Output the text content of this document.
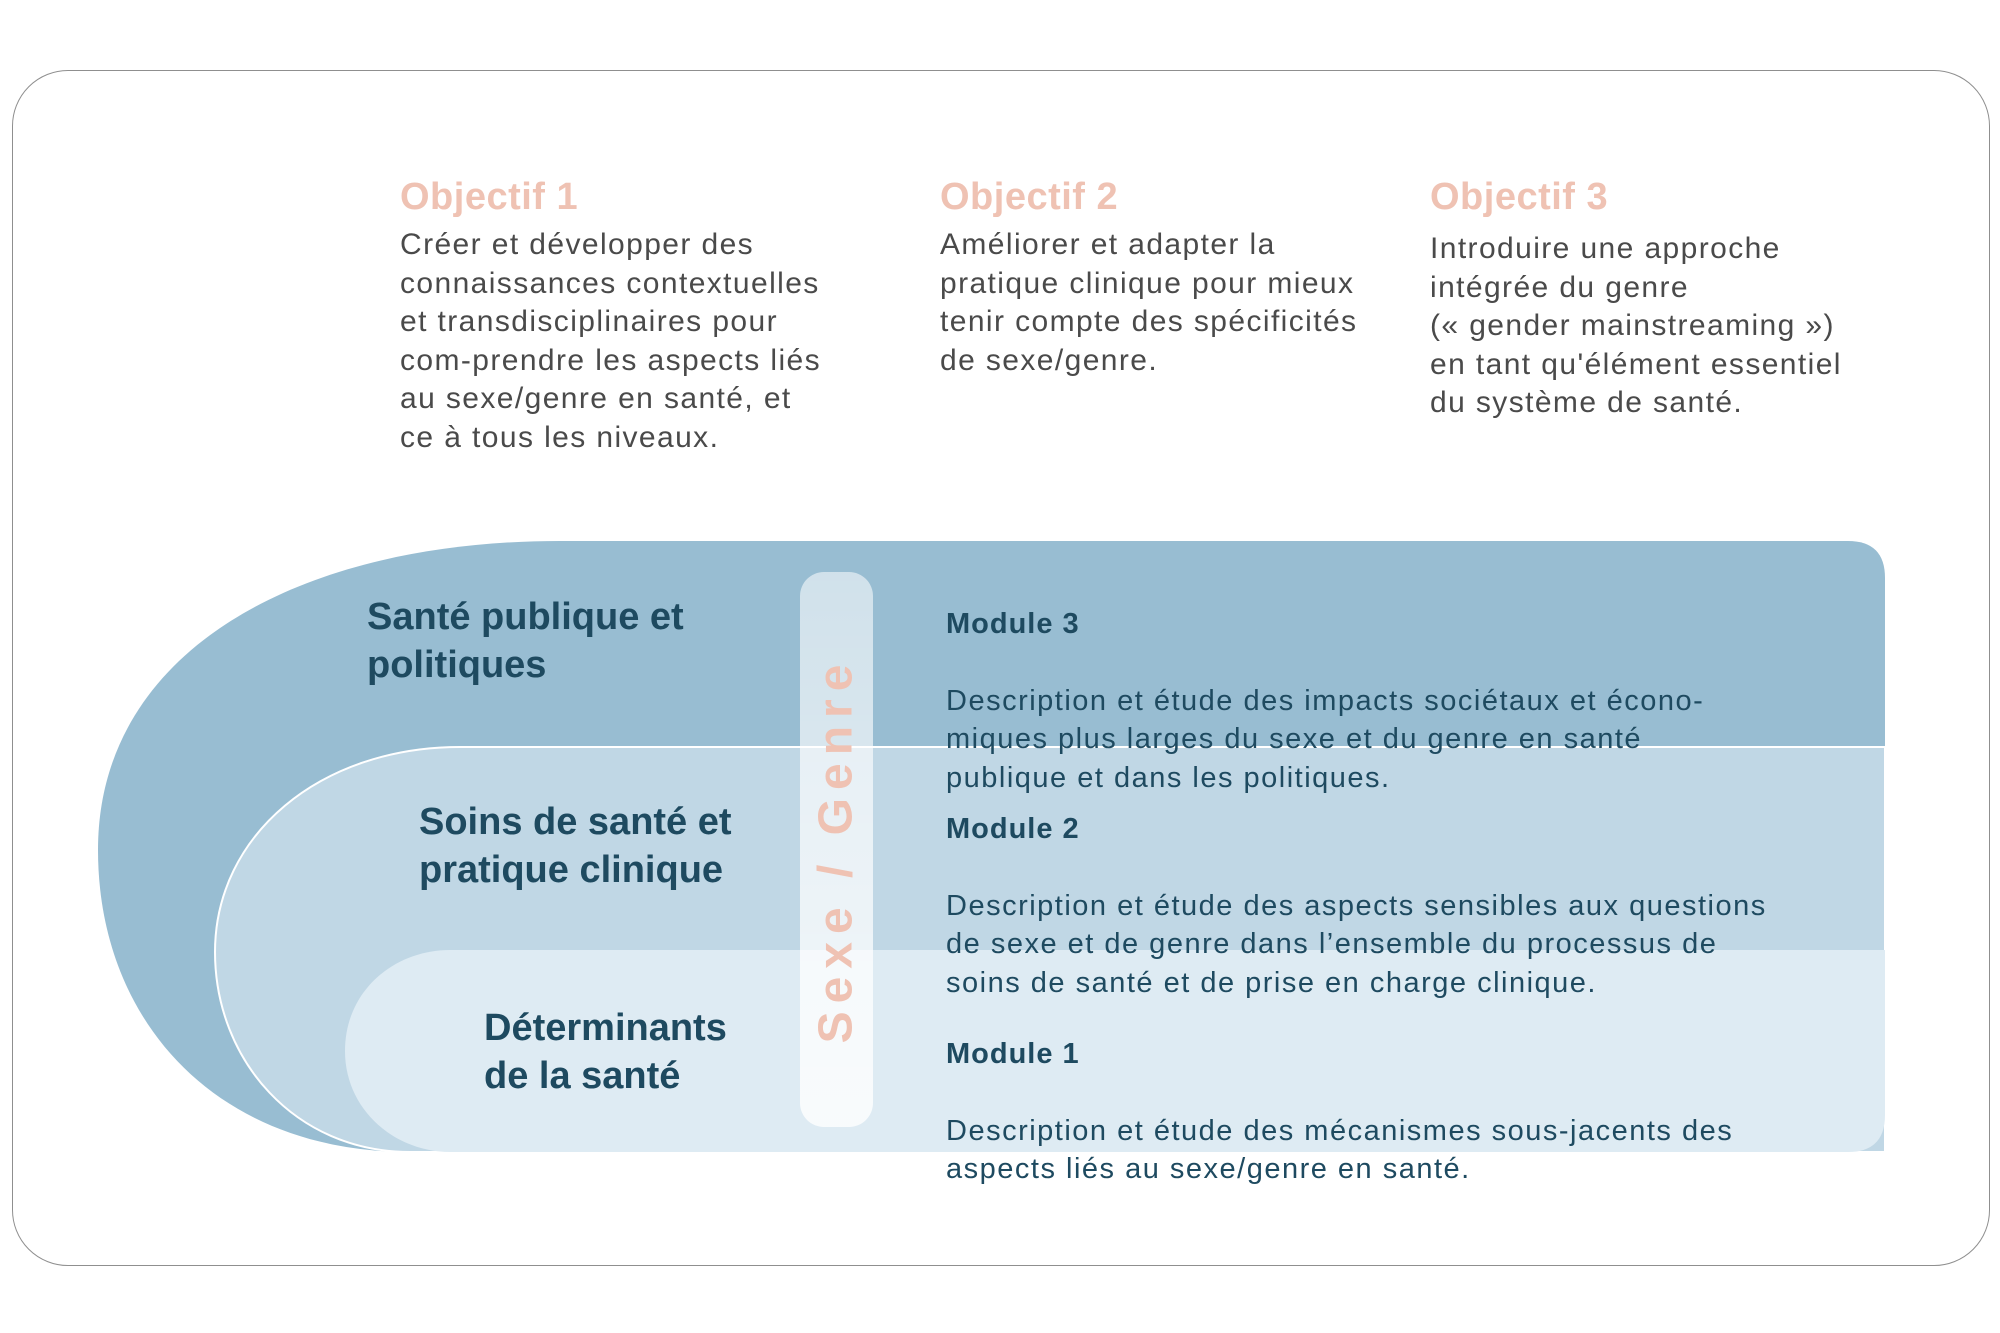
Objectif 1
Créer et développer des
connaissances contextuelles
et transdisciplinaires pour
com-prendre les aspects liés
au sexe/genre en santé, et
ce à tous les niveaux.
Objectif 2
Améliorer et adapter la
pratique clinique pour mieux
tenir compte des spécificités
de sexe/genre.
Objectif 3
Introduire une approche
intégrée du genre
(« gender mainstreaming »)
en tant qu'élément essentiel
du système de santé.
Santé publique et
politiques
Soins de santé et
pratique clinique
Déterminants
de la santé
Sexe / Genre

Module 3

Description et étude des impacts sociétaux et écono-
miques plus larges du sexe et du genre en santé
publique et dans les politiques.

Module 2

Description et étude des aspects sensibles aux questions
de sexe et de genre dans l’ensemble du processus de
soins de santé et de prise en charge clinique.

Module 1

Description et étude des mécanismes sous-jacents des
aspects liés au sexe/genre en santé.
